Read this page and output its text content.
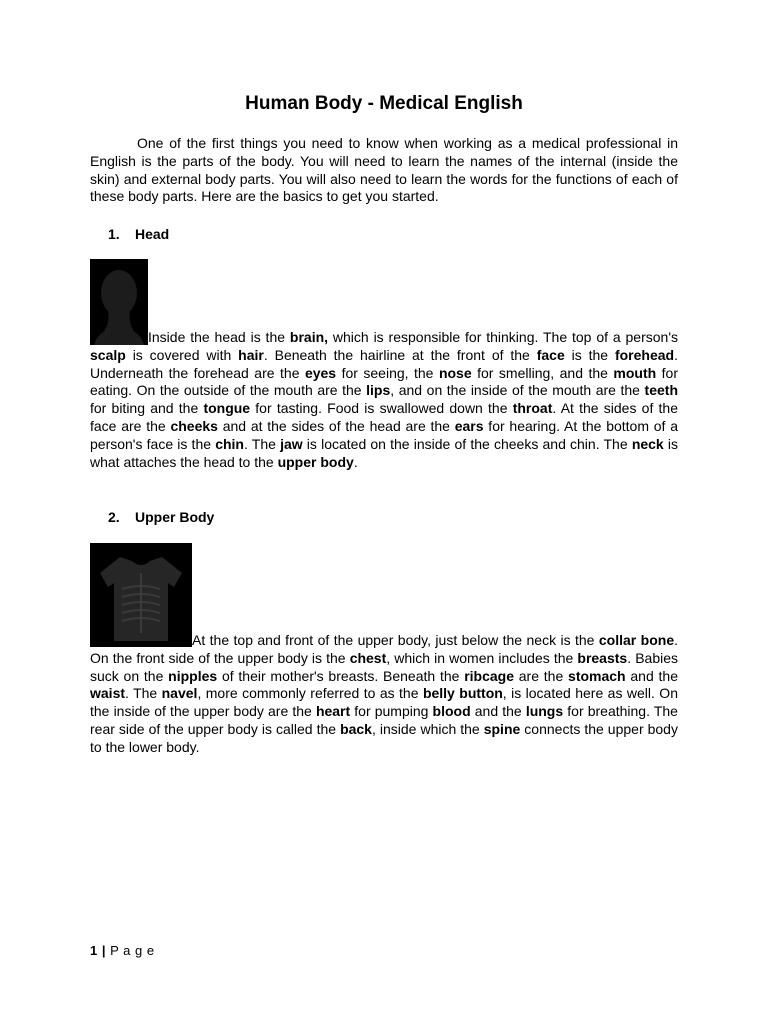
Human Body - Medical English

One of the first things you need to know when working as a medical professional in English is the parts of the body. You will need to learn the names of the internal (inside the skin) and external body parts. You will also need to learn the words for the functions of each of these body parts. Here are the basics to get you started.

1. Head

Inside the head is the brain, which is responsible for thinking. The top of a person's scalp is covered with hair. Beneath the hairline at the front of the face is the forehead. Underneath the forehead are the eyes for seeing, the nose for smelling, and the mouth for eating. On the outside of the mouth are the lips, and on the inside of the mouth are the teeth for biting and the tongue for tasting. Food is swallowed down the throat. At the sides of the face are the cheeks and at the sides of the head are the ears for hearing. At the bottom of a person's face is the chin. The jaw is located on the inside of the cheeks and chin. The neck is what attaches the head to the upper body.

2. Upper Body

At the top and front of the upper body, just below the neck is the collar bone. On the front side of the upper body is the chest, which in women includes the breasts. Babies suck on the nipples of their mother's breasts. Beneath the ribcage are the stomach and the waist. The navel, more commonly referred to as the belly button, is located here as well. On the inside of the upper body are the heart for pumping blood and the lungs for breathing. The rear side of the upper body is called the back, inside which the spine connects the upper body to the lower body.

1 | P a g e
